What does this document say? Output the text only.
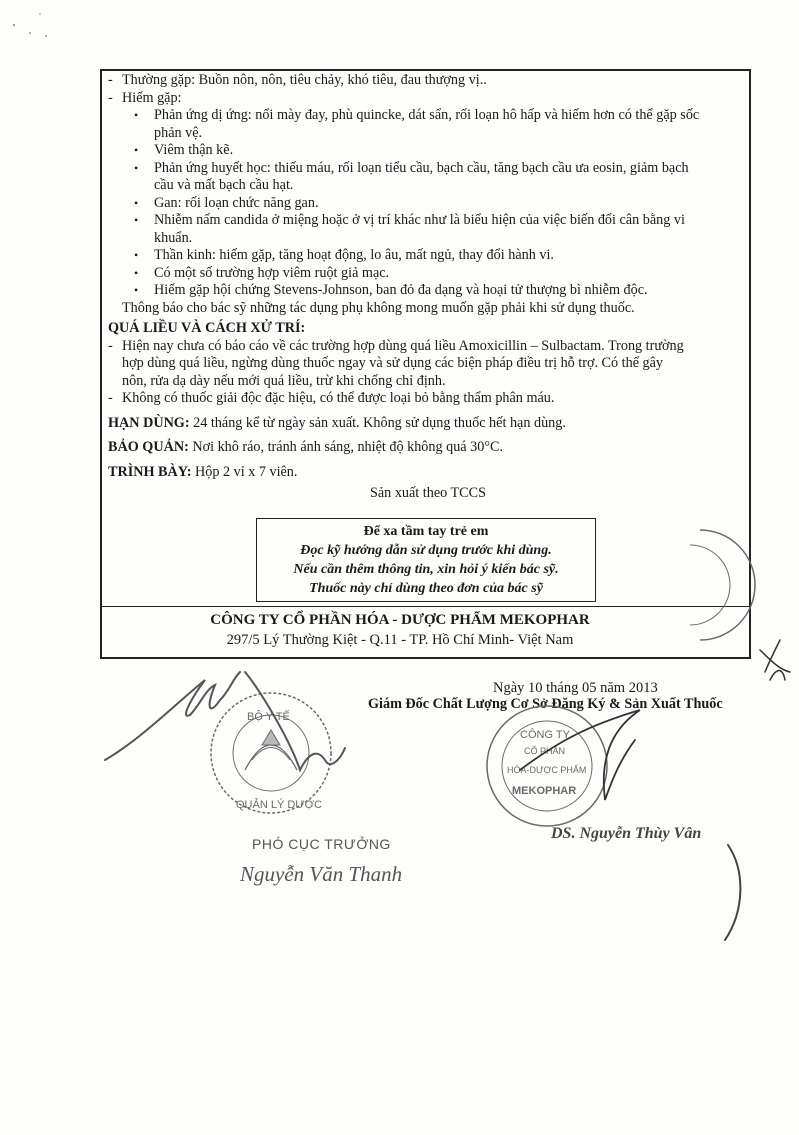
- Thường gặp: Buồn nôn, nôn, tiêu chảy, khó tiêu, đau thượng vị..
- Hiếm gặp:
• Phản ứng dị ứng: nổi mày đay, phù quincke, dát sẩn, rối loạn hô hấp và hiếm hơn có thể gặp sốc
phản vệ.
• Viêm thận kẽ.
• Phản ứng huyết học: thiếu máu, rối loạn tiểu cầu, bạch cầu, tăng bạch cầu ưa eosin, giảm bạch
cầu và mất bạch cầu hạt.
• Gan: rối loạn chức năng gan.
• Nhiễm nấm candida ở miệng hoặc ở vị trí khác như là biểu hiện của việc biến đổi cân bằng vi
khuẩn.
• Thần kinh: hiếm gặp, tăng hoạt động, lo âu, mất ngủ, thay đổi hành vi.
• Có một số trường hợp viêm ruột giả mạc.
• Hiếm gặp hội chứng Stevens-Johnson, ban đỏ đa dạng và hoại tử thượng bì nhiễm độc.
Thông báo cho bác sỹ những tác dụng phụ không mong muốn gặp phải khi sử dụng thuốc.
QUÁ LIỀU VÀ CÁCH XỬ TRÍ:
- Hiện nay chưa có báo cáo về các trường hợp dùng quá liều Amoxicillin – Sulbactam. Trong trường
hợp dùng quá liều, ngừng dùng thuốc ngay và sử dụng các biện pháp điều trị hỗ trợ. Có thể gây
nôn, rửa dạ dày nếu mới quá liều, trừ khi chống chỉ định.
- Không có thuốc giải độc đặc hiệu, có thể được loại bỏ bằng thẩm phân máu.
HẠN DÙNG: 24 tháng kể từ ngày sản xuất. Không sử dụng thuốc hết hạn dùng.
BẢO QUẢN: Nơi khô ráo, tránh ánh sáng, nhiệt độ không quá 30°C.
TRÌNH BÀY: Hộp 2 vỉ x 7 viên.
Sản xuất theo TCCS
Để xa tầm tay trẻ em
Đọc kỹ hướng dẫn sử dụng trước khi dùng.
Nếu cần thêm thông tin, xin hỏi ý kiến bác sỹ.
Thuốc này chỉ dùng theo đơn của bác sỹ
CÔNG TY CỔ PHẦN HÓA - DƯỢC PHẨM MEKOPHAR
297/5 Lý Thường Kiệt - Q.11 - TP. Hồ Chí Minh- Việt Nam
Ngày 10 tháng 05 năm 2013
Giám Đốc Chất Lượng Cơ Sở Đăng Ký & Sản Xuất Thuốc
DS. Nguyễn Thùy Vân
PHÓ CỤC TRƯỞNG
Nguyễn Văn Thanh
BỘ Y TẾ
QUẢN LÝ DƯỢC
CÔNG TY
CỔ PHẦN
HÓA-DƯỢC PHẨM
MEKOPHAR
